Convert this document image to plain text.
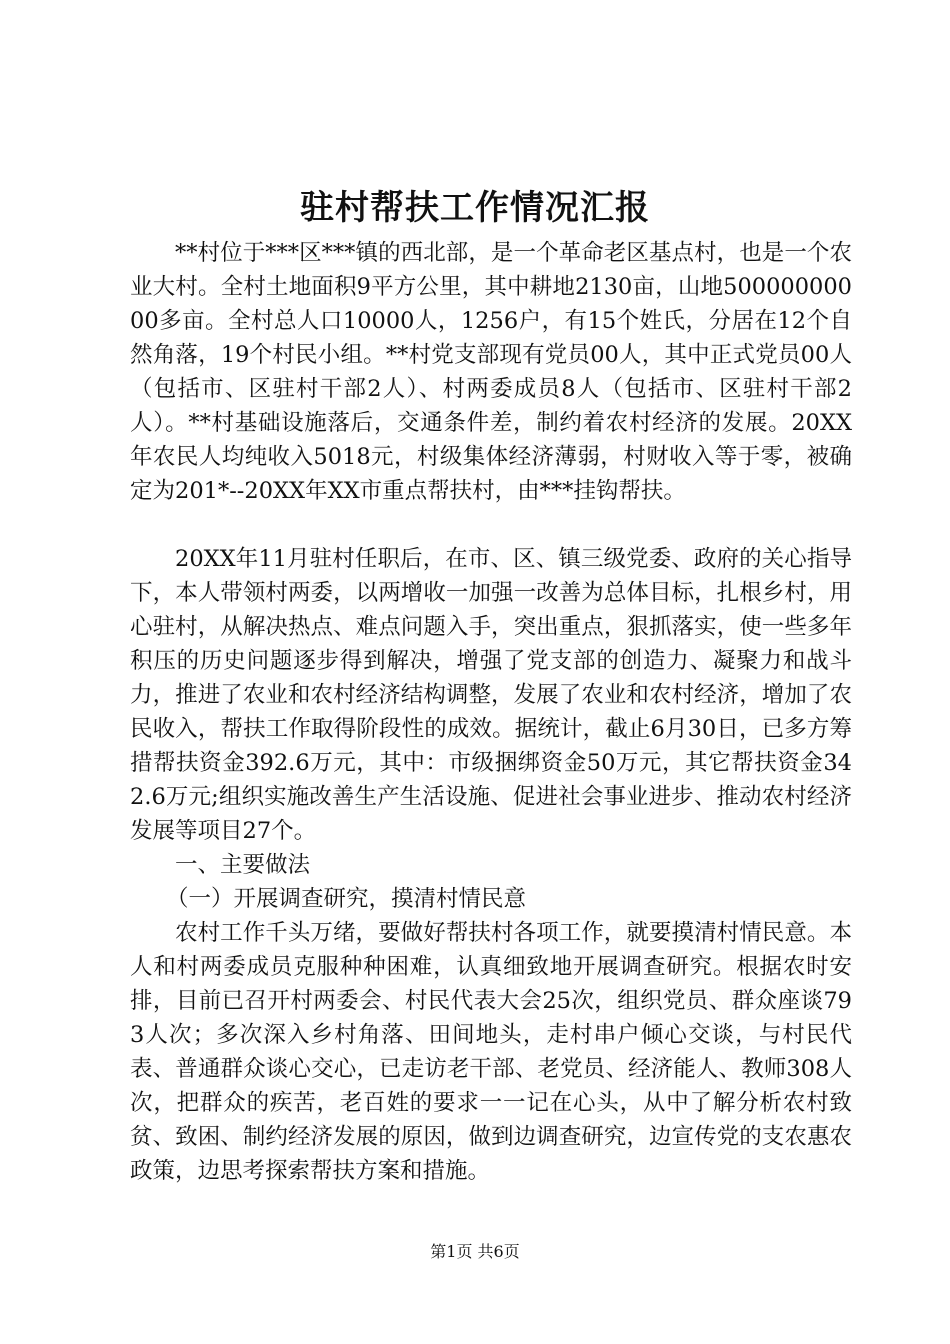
驻村帮扶工作情况汇报

**村位于***区***镇的西北部，是一个革命老区基点村，也是一个农业大村。全村土地面积9平方公里，其中耕地2130亩，山地50000000000多亩。全村总人口10000人，1256户，有15个姓氏，分居在12个自然角落，19个村民小组。**村党支部现有党员00人，其中正式党员00人（包括市、区驻村干部2人）、村两委成员8人（包括市、区驻村干部2人）。**村基础设施落后，交通条件差，制约着农村经济的发展。20XX年农民人均纯收入5018元，村级集体经济薄弱，村财收入等于零，被确定为201*--20XX年XX市重点帮扶村，由***挂钩帮扶。

20XX年11月驻村任职后，在市、区、镇三级党委、政府的关心指导下，本人带领村两委，以两增收一加强一改善为总体目标，扎根乡村，用心驻村，从解决热点、难点问题入手，突出重点，狠抓落实，使一些多年积压的历史问题逐步得到解决，增强了党支部的创造力、凝聚力和战斗力，推进了农业和农村经济结构调整，发展了农业和农村经济，增加了农民收入，帮扶工作取得阶段性的成效。据统计，截止6月30日，已多方筹措帮扶资金392.6万元，其中：市级捆绑资金50万元，其它帮扶资金342.6万元;组织实施改善生产生活设施、促进社会事业进步、推动农村经济发展等项目27个。

一、主要做法

（一）开展调查研究，摸清村情民意

农村工作千头万绪，要做好帮扶村各项工作，就要摸清村情民意。本人和村两委成员克服种种困难，认真细致地开展调查研究。根据农时安排，目前已召开村两委会、村民代表大会25次，组织党员、群众座谈793人次；多次深入乡村角落、田间地头，走村串户倾心交谈，与村民代表、普通群众谈心交心，已走访老干部、老党员、经济能人、教师308人次，把群众的疾苦，老百姓的要求一一记在心头，从中了解分析农村致贫、致困、制约经济发展的原因，做到边调查研究，边宣传党的支农惠农政策，边思考探索帮扶方案和措施。

第1页 共6页
